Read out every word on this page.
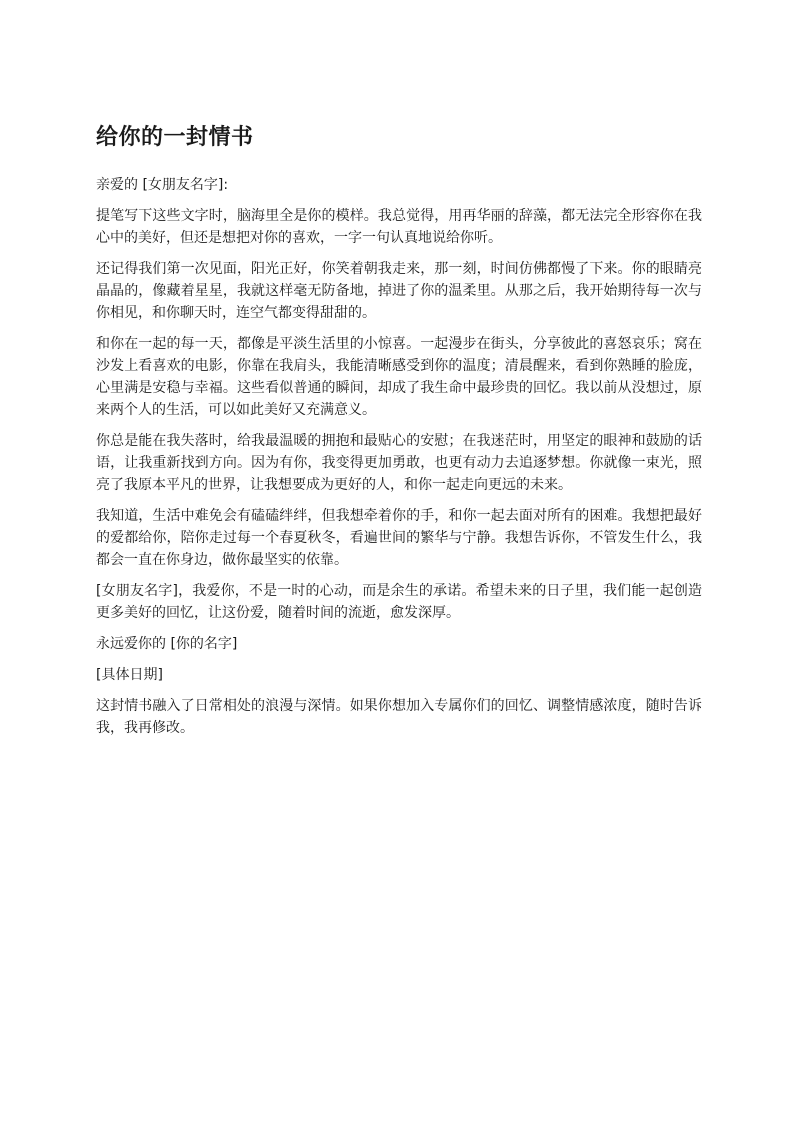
给你的一封情书

亲爱的 [女朋友名字]:

提笔写下这些文字时，脑海里全是你的模样。我总觉得，用再华丽的辞藻，都无法完全形容你在我心中的美好，但还是想把对你的喜欢，一字一句认真地说给你听。

还记得我们第一次见面，阳光正好，你笑着朝我走来，那一刻，时间仿佛都慢了下来。你的眼睛亮晶晶的，像藏着星星，我就这样毫无防备地，掉进了你的温柔里。从那之后，我开始期待每一次与你相见，和你聊天时，连空气都变得甜甜的。

和你在一起的每一天，都像是平淡生活里的小惊喜。一起漫步在街头，分享彼此的喜怒哀乐；窝在沙发上看喜欢的电影，你靠在我肩头，我能清晰感受到你的温度；清晨醒来，看到你熟睡的脸庞，心里满是安稳与幸福。这些看似普通的瞬间，却成了我生命中最珍贵的回忆。我以前从没想过，原来两个人的生活，可以如此美好又充满意义。

你总是能在我失落时，给我最温暖的拥抱和最贴心的安慰；在我迷茫时，用坚定的眼神和鼓励的话语，让我重新找到方向。因为有你，我变得更加勇敢，也更有动力去追逐梦想。你就像一束光，照亮了我原本平凡的世界，让我想要成为更好的人，和你一起走向更远的未来。

我知道，生活中难免会有磕磕绊绊，但我想牵着你的手，和你一起去面对所有的困难。我想把最好的爱都给你，陪你走过每一个春夏秋冬，看遍世间的繁华与宁静。我想告诉你，不管发生什么，我都会一直在你身边，做你最坚实的依靠。

[女朋友名字]，我爱你，不是一时的心动，而是余生的承诺。希望未来的日子里，我们能一起创造更多美好的回忆，让这份爱，随着时间的流逝，愈发深厚。

永远爱你的 [你的名字]

[具体日期]

这封情书融入了日常相处的浪漫与深情。如果你想加入专属你们的回忆、调整情感浓度，随时告诉我，我再修改。
